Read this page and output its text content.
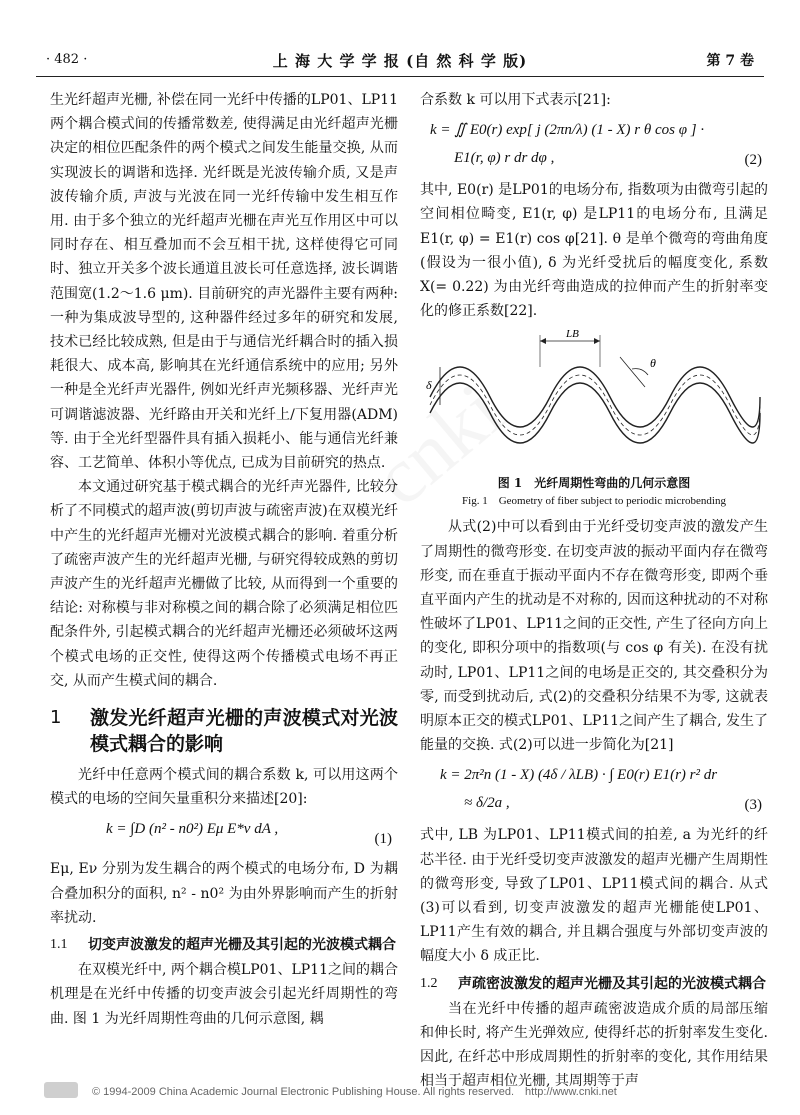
· 482 ·	上 海 大 学 学 报 (自 然 科 学 版)	第 7 卷

生光纤超声光栅, 补偿在同一光纤中传播的LP01、LP11两个耦合模式间的传播常数差, 使得满足由光纤超声光栅决定的相位匹配条件的两个模式之间发生能量交换, 从而实现波长的调谐和选择. 光纤既是光波传输介质, 又是声波传输介质, 声波与光波在同一光纤传输中发生相互作用. 由于多个独立的光纤超声光栅在声光互作用区中可以同时存在、相互叠加而不会互相干扰, 这样使得它可同时、独立开关多个波长通道且波长可任意选择, 波长调谐范围宽(1.2～1.6 μm). 目前研究的声光器件主要有两种: 一种为集成波导型的, 这种器件经过多年的研究和发展, 技术已经比较成熟, 但是由于与通信光纤耦合时的插入损耗很大、成本高, 影响其在光纤通信系统中的应用; 另外一种是全光纤声光器件, 例如光纤声光频移器、光纤声光可调谐滤波器、光纤路由开关和光纤上/下复用器(ADM)等. 由于全光纤型器件具有插入损耗小、能与通信光纤兼容、工艺简单、体积小等优点, 已成为目前研究的热点.

本文通过研究基于模式耦合的光纤声光器件, 比较分析了不同模式的超声波(剪切声波与疏密声波)在双模光纤中产生的光纤超声光栅对光波模式耦合的影响. 着重分析了疏密声波产生的光纤超声光栅, 与研究得较成熟的剪切声波产生的光纤超声光栅做了比较, 从而得到一个重要的结论: 对称模与非对称模之间的耦合除了必须满足相位匹配条件外, 引起模式耦合的光纤超声光栅还必须破坏这两个模式电场的正交性, 使得这两个传播模式电场不再正交, 从而产生模式间的耦合.

1 激发光纤超声光栅的声波模式对光波模式耦合的影响

光纤中任意两个模式间的耦合系数 k, 可以用这两个模式的电场的空间矢量重积分来描述[20]:

k = ∫D (n² - n0²) Eμ E*ν dA ,
(1)

Eμ, Eν 分别为发生耦合的两个模式的电场分布, D 为耦合叠加积分的面积, n² - n0² 为由外界影响而产生的折射率扰动.

1.1 切变声波激发的超声光栅及其引起的光波模式耦合

在双模光纤中, 两个耦合模LP01、LP11之间的耦合机理是在光纤中传播的切变声波会引起光纤周期性的弯曲. 图 1 为光纤周期性弯曲的几何示意图, 耦

合系数 k 可以用下式表示[21]:

k = ∬ E0(r) exp[ j (2πn/λ) (1 - X) r θ cos φ ] ·
E1(r, φ) r dr dφ ,	(2)

其中, E0(r) 是LP01的电场分布, 指数项为由微弯引起的空间相位畸变, E1(r, φ) 是LP11的电场分布, 且满足 E1(r, φ) = E1(r) cos φ[21]. θ 是单个微弯的弯曲角度(假设为一很小值), δ 为光纤受扰后的幅度变化, 系数 X(= 0.22) 为由光纤弯曲造成的拉伸而产生的折射率变化的修正系数[22].

LB
θ
δ
图 1　光纤周期性弯曲的几何示意图
Fig. 1　Geometry of fiber subject to periodic microbending

从式(2)中可以看到由于光纤受切变声波的激发产生了周期性的微弯形变. 在切变声波的振动平面内存在微弯形变, 而在垂直于振动平面内不存在微弯形变, 即两个垂直平面内产生的扰动是不对称的, 因而这种扰动的不对称性破坏了LP01、LP11之间的正交性, 产生了径向方向上的变化, 即积分项中的指数项(与 cos φ 有关). 在没有扰动时, LP01、LP11之间的电场是正交的, 其交叠积分为零, 而受到扰动后, 式(2)的交叠积分结果不为零, 这就表明原本正交的模式LP01、LP11之间产生了耦合, 发生了能量的交换. 式(2)可以进一步简化为[21]

k = 2π²n (1 - X) (4δ / λLB) · ∫ E0(r) E1(r) r² dr
≈ δ/2a ,	(3)

式中, LB 为LP01、LP11模式间的拍差, a 为光纤的纤芯半径. 由于光纤受切变声波激发的超声光栅产生周期性的微弯形变, 导致了LP01、LP11模式间的耦合. 从式(3)可以看到, 切变声波激发的超声光栅能使LP01、LP11产生有效的耦合, 并且耦合强度与外部切变声波的幅度大小 δ 成正比.

1.2 声疏密波激发的超声光栅及其引起的光波模式耦合

当在光纤中传播的超声疏密波造成介质的局部压缩和伸长时, 将产生光弹效应, 使得纤芯的折射率发生变化. 因此, 在纤芯中形成周期性的折射率的变化, 其作用结果相当于超声相位光栅, 其周期等于声

© 1994-2009 China Academic Journal Electronic Publishing House. All rights reserved.　http://www.cnki.net
